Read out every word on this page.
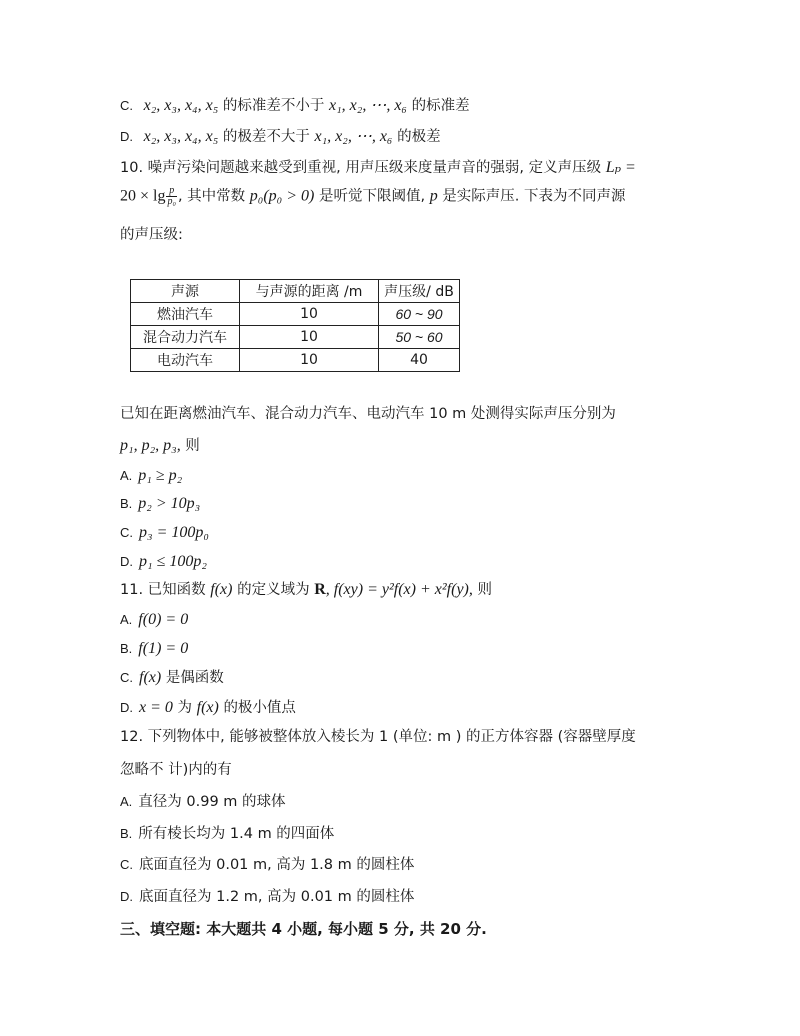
C. x₂, x₃, x₄, x₅ 的标准差不小于 x₁, x₂, ⋯, x₆ 的标准差
D. x₂, x₃, x₄, x₅ 的极差不大于 x₁, x₂, ⋯, x₆ 的极差
10. 噪声污染问题越来越受到重视, 用声压级来度量声音的强弱, 定义声压级 Lₚ =
$20 \times \lg \frac{p}{\text{p₀}}$ , 其中常数 p₀(p₀ > 0) 是听觉下限阈值, p 是实际声压. 下表为不同声源
的声压级:
声源	与声源的距离 /m	声压级/ dB
燃油汽车	10	60 ~ 90
混合动力汽车	10	50 ~ 60
电动汽车	10	40
已知在距离燃油汽车、混合动力汽车、电动汽车 10 m 处测得实际声压分别为
p₁, p₂, p₃, 则
A. p₁ ≥ p₂
B. p₂ > 10p₃
C. p₃ = 100p₀
D. p₁ ≤ 100p₂
11. 已知函数 f(x) 的定义域为 R, f(xy) = y²f(x) + x²f(y), 则
A. f(0) = 0
B. f(1) = 0
C. f(x) 是偶函数
D. x = 0 为 f(x) 的极小值点
12. 下列物体中, 能够被整体放入棱长为 1 (单位: m ) 的正方体容器 (容器壁厚度
忽略不 计)内的有
A. 直径为 0.99 m 的球体
B. 所有棱长均为 1.4 m 的四面体
C. 底面直径为 0.01 m, 高为 1.8 m 的圆柱体
D. 底面直径为 1.2 m, 高为 0.01 m 的圆柱体
三、填空题: 本大题共 4 小题, 每小题 5 分, 共 20 分.
